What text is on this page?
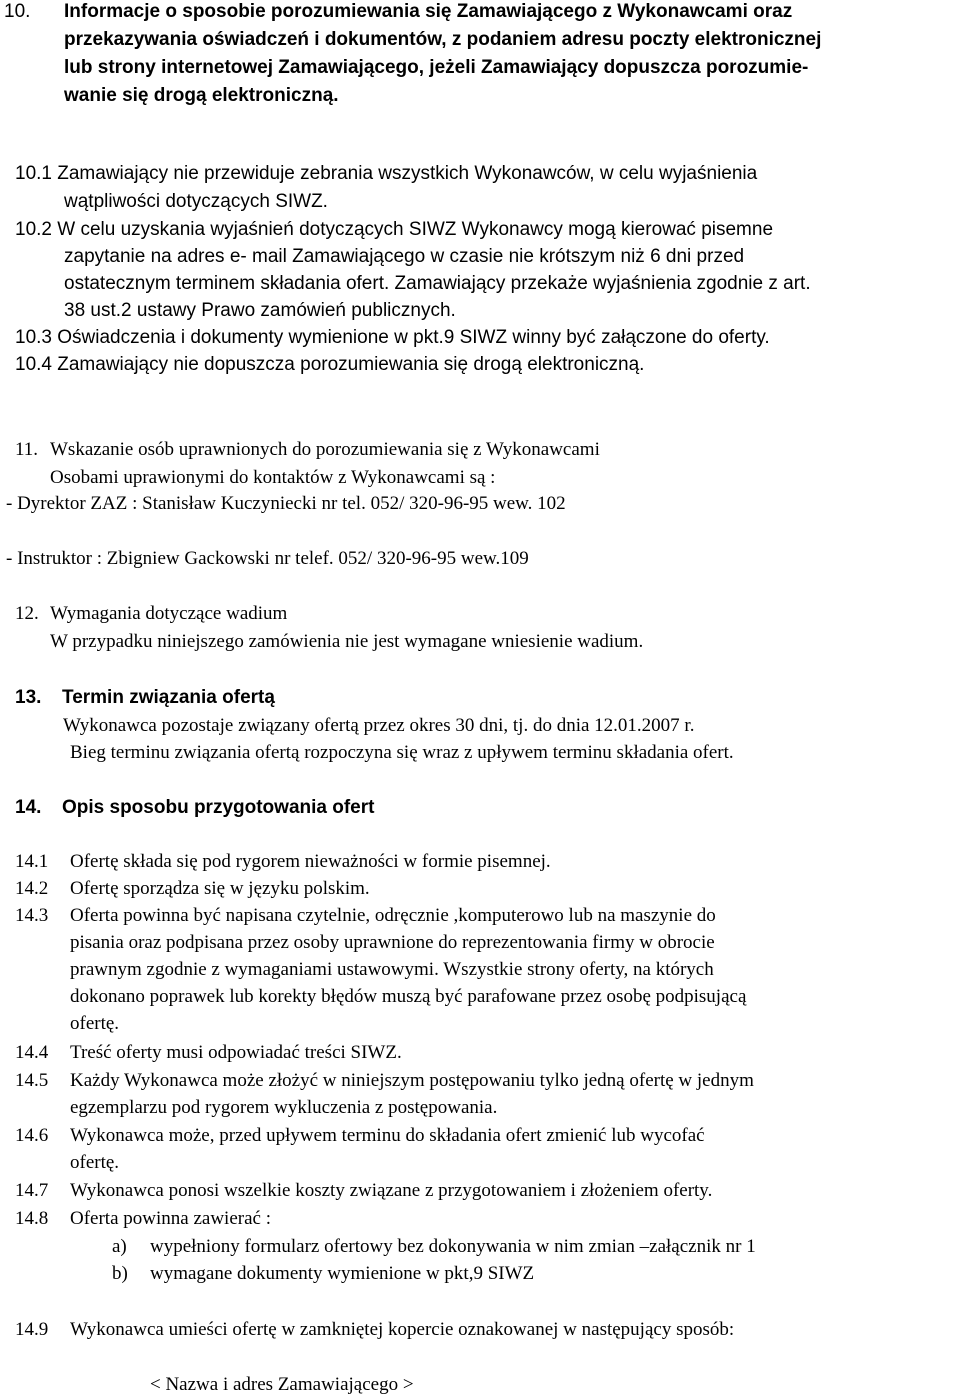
10. Informacje o sposobie porozumiewania się Zamawiającego z Wykonawcami oraz
przekazywania oświadczeń i dokumentów, z podaniem adresu poczty elektronicznej
lub strony internetowej Zamawiającego, jeżeli Zamawiający dopuszcza porozumie-
wanie się drogą elektroniczną.
10.1 Zamawiający nie przewiduje zebrania wszystkich Wykonawców, w celu wyjaśnienia
wątpliwości dotyczących SIWZ.
10.2 W celu uzyskania wyjaśnień dotyczących SIWZ Wykonawcy mogą kierować pisemne
zapytanie na adres e- mail Zamawiającego w czasie nie krótszym niż 6 dni przed
ostatecznym terminem składania ofert. Zamawiający przekaże wyjaśnienia zgodnie z art.
38 ust.2 ustawy Prawo zamówień publicznych.
10.3 Oświadczenia i dokumenty wymienione w pkt.9 SIWZ winny być załączone do oferty.
10.4 Zamawiający nie dopuszcza porozumiewania się drogą elektroniczną.
11. Wskazanie osób uprawnionych do porozumiewania się z Wykonawcami
Osobami uprawionymi do kontaktów z Wykonawcami są :
- Dyrektor ZAZ : Stanisław Kuczyniecki nr tel. 052/ 320-96-95 wew. 102
- Instruktor : Zbigniew Gackowski nr telef. 052/ 320-96-95 wew.109
12. Wymagania dotyczące wadium
W przypadku niniejszego zamówienia nie jest wymagane wniesienie wadium.
13. Termin związania ofertą
Wykonawca pozostaje związany ofertą przez okres 30 dni, tj. do dnia 12.01.2007 r.
Bieg terminu związania ofertą rozpoczyna się wraz z upływem terminu składania ofert.
14. Opis sposobu przygotowania ofert
14.1 Ofertę składa się pod rygorem nieważności w formie pisemnej.
14.2 Ofertę sporządza się w języku polskim.
14.3 Oferta powinna być napisana czytelnie, odręcznie ,komputerowo lub na maszynie do
pisania oraz podpisana przez osoby uprawnione do reprezentowania firmy w obrocie
prawnym zgodnie z wymaganiami ustawowymi. Wszystkie strony oferty, na których
dokonano poprawek lub korekty błędów muszą być parafowane przez osobę podpisującą
ofertę.
14.4 Treść oferty musi odpowiadać treści SIWZ.
14.5 Każdy Wykonawca może złożyć w niniejszym postępowaniu tylko jedną ofertę w jednym
egzemplarzu pod rygorem wykluczenia z postępowania.
14.6 Wykonawca może, przed upływem terminu do składania ofert zmienić lub wycofać
ofertę.
14.7 Wykonawca ponosi wszelkie koszty związane z przygotowaniem i złożeniem oferty.
14.8 Oferta powinna zawierać :
a) wypełniony formularz ofertowy bez dokonywania w nim zmian –załącznik nr 1
b) wymagane dokumenty wymienione w pkt,9 SIWZ
14.9 Wykonawca umieści ofertę w zamkniętej kopercie oznakowanej w następujący sposób:
< Nazwa i adres Zamawiającego >
